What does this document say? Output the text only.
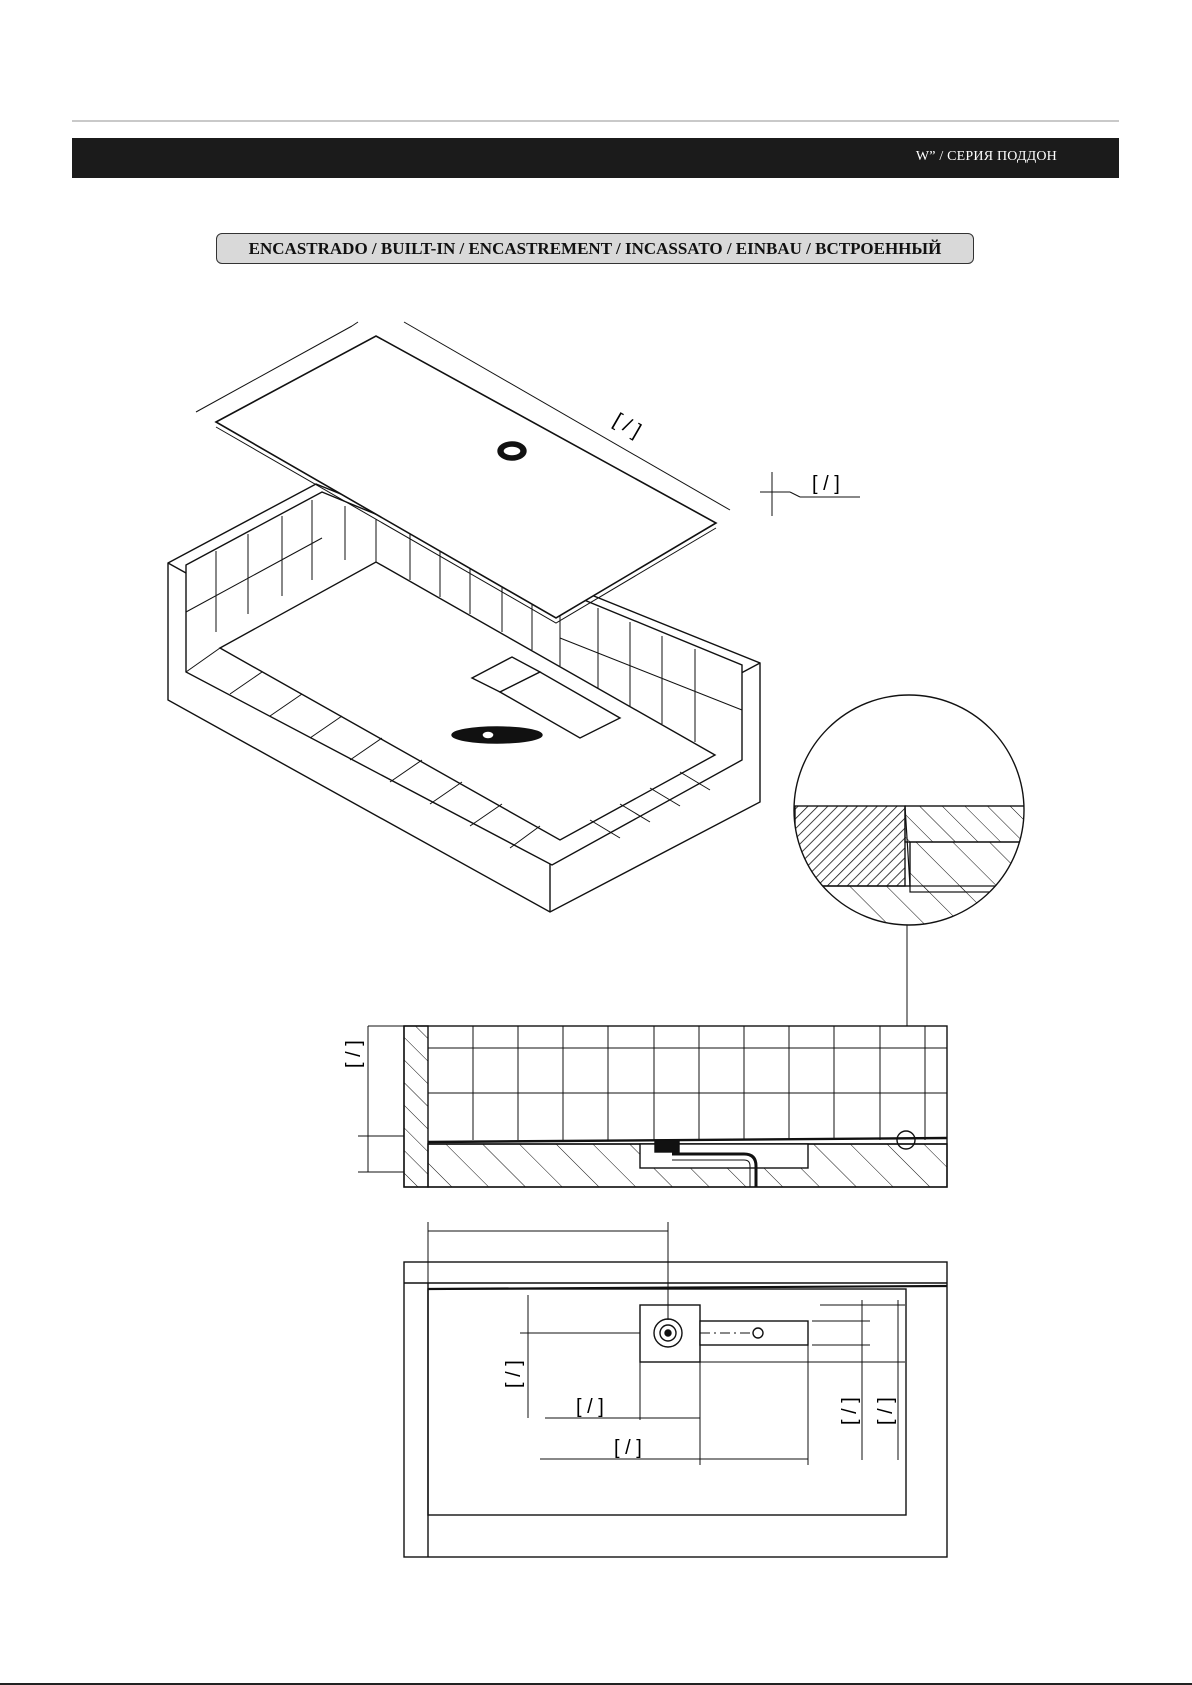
W” / СЕРИЯ ПОДДОН
ENCASTRADO / BUILT-IN / ENCASTREMENT / INCASSATO / EINBAU / ВСТРОЕННЫЙ
[ / ]
[ / ]
[ / ]
[ / ]
[ / ]
[ / ]
[ / ] [ / ]
